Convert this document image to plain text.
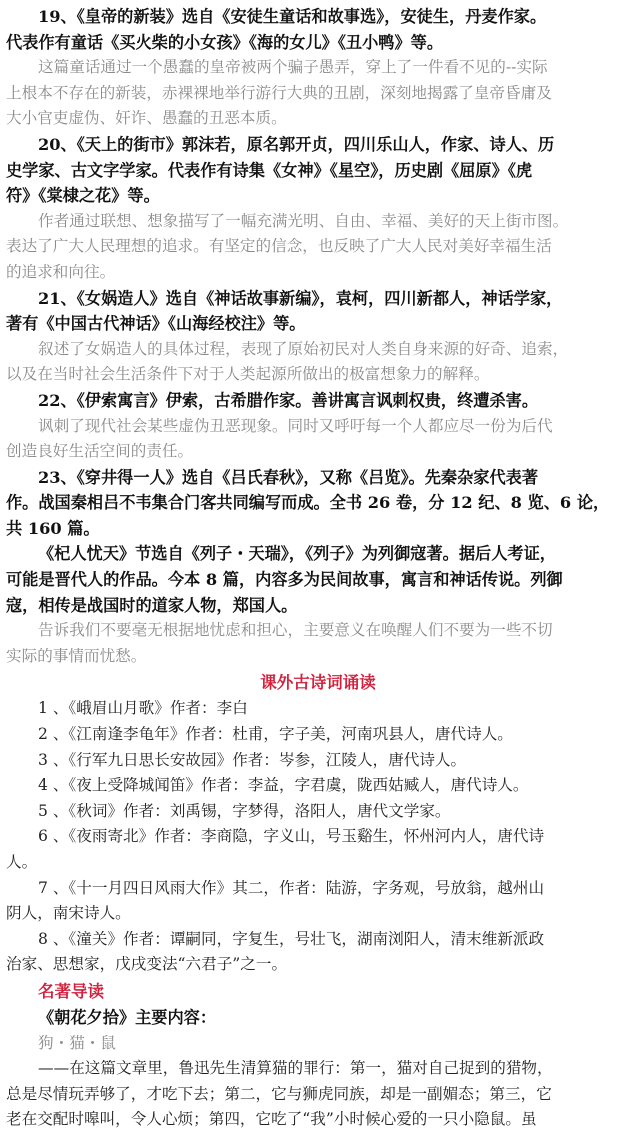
19、《皇帝的新装》选自《安徒生童话和故事选》，安徒生，丹麦作家。
代表作有童话《买火柴的小女孩》《海的女儿》《丑小鸭》等。
这篇童话通过一个愚蠢的皇帝被两个骗子愚弄，穿上了一件看不见的--实际
上根本不存在的新装，赤裸裸地举行游行大典的丑剧，深刻地揭露了皇帝昏庸及
大小官吏虚伪、奸诈、愚蠢的丑恶本质。
20、《天上的街市》郭沫若，原名郭开贞，四川乐山人，作家、诗人、历
史学家、古文字学家。代表作有诗集《女神》《星空》，历史剧《屈原》《虎
符》《棠棣之花》等。
作者通过联想、想象描写了一幅充满光明、自由、幸福、美好的天上街市图。
表达了广大人民理想的追求。有坚定的信念，也反映了广大人民对美好幸福生活
的追求和向往。
21、《女娲造人》选自《神话故事新编》，袁柯，四川新都人，神话学家，
著有《中国古代神话》《山海经校注》等。
叙述了女娲造人的具体过程，表现了原始初民对人类自身来源的好奇、追索，
以及在当时社会生活条件下对于人类起源所做出的极富想象力的解释。
22、《伊索寓言》伊索，古希腊作家。善讲寓言讽刺权贵，终遭杀害。
讽刺了现代社会某些虚伪丑恶现象。同时又呼吁每一个人都应尽一份为后代
创造良好生活空间的责任。
23、《穿井得一人》选自《吕氏春秋》，又称《吕览》。先秦杂家代表著
作。战国秦相吕不韦集合门客共同编写而成。全书 26 卷，分 12 纪、8 览、6 论，
共 160 篇。
《杞人忧天》节选自《列子・天瑞》，《列子》为列御寇著。据后人考证，
可能是晋代人的作品。今本 8 篇，内容多为民间故事，寓言和神话传说。列御
寇，相传是战国时的道家人物，郑国人。
告诉我们不要毫无根据地忧虑和担心，主要意义在唤醒人们不要为一些不切
实际的事情而忧愁。
课外古诗词诵读
1 、《峨眉山月歌》作者：李白
2 、《江南逢李龟年》作者：杜甫，字子美，河南巩县人，唐代诗人。
3 、《行军九日思长安故园》作者：岑参，江陵人，唐代诗人。
4 、《夜上受降城闻笛》作者：李益，字君虞，陇西姑臧人，唐代诗人。
5 、《秋词》作者：刘禹锡，字梦得，洛阳人，唐代文学家。
6 、《夜雨寄北》作者：李商隐，字义山，号玉谿生，怀州河内人，唐代诗
人。
7 、《十一月四日风雨大作》其二，作者：陆游，字务观，号放翁，越州山
阴人，南宋诗人。
8 、《潼关》作者：谭嗣同，字复生，号壮飞，湖南浏阳人，清末维新派政
治家、思想家，戊戌变法“六君子”之一。
名著导读
《朝花夕拾》主要内容：
狗・猫・鼠
——在这篇文章里，鲁迅先生清算猫的罪行：第一，猫对自己捉到的猎物，
总是尽情玩弄够了，才吃下去；第二，它与狮虎同族，却是一副媚态；第三，它
老在交配时嗥叫，令人心烦；第四，它吃了“我”小时候心爱的一只小隐鼠。虽
